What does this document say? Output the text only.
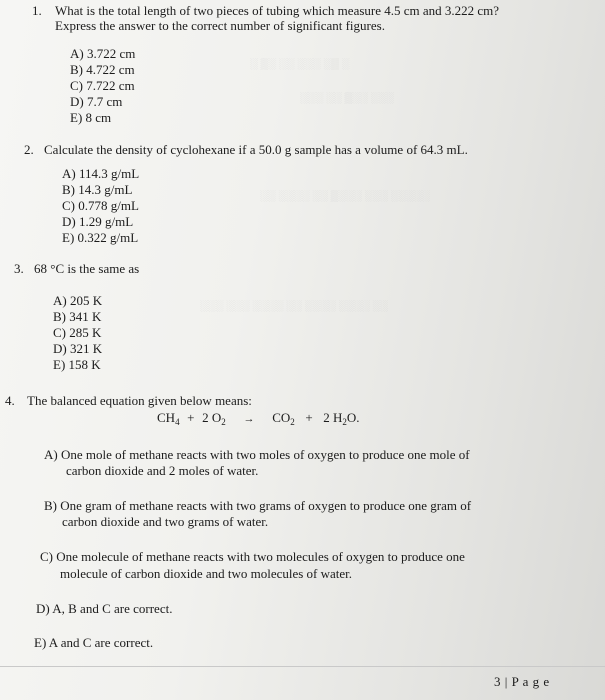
░ ▒░ ░░ ░░░ ░▒ ░
░░░ ░░ ▒░░ ░░░
░░ ░░░░ ░░ ▒░░░ ░░░ ░░░░░
░░░ ░░░ ░░░░ ░░ ░░░░ ░░░░ ░░
1. What is the total length of two pieces of tubing which measure 4.5 cm and 3.222 cm?
Express the answer to the correct number of significant figures.
A) 3.722 cm
B) 4.722 cm
C) 7.722 cm
D) 7.7 cm
E) 8 cm
2. Calculate the density of cyclohexane if a 50.0 g sample has a volume of 64.3 mL.
A) 114.3 g/mL
B) 14.3 g/mL
C) 0.778 g/mL
D) 1.29 g/mL
E) 0.322 g/mL
3. 68 °C is the same as
A) 205 K
B) 341 K
C) 285 K
D) 321 K
E) 158 K
4. The balanced equation given below means:
$CH_4 + 2$ $O_2 \to CO_2 + 2$ $H_2O$.
A) One mole of methane reacts with two moles of oxygen to produce one mole of
carbon dioxide and 2 moles of water.
B) One gram of methane reacts with two grams of oxygen to produce one gram of
carbon dioxide and two grams of water.
C) One molecule of methane reacts with two molecules of oxygen to produce one
molecule of carbon dioxide and two molecules of water.
D) A, B and C are correct.
E) A and C are correct.
3 | P a g e
